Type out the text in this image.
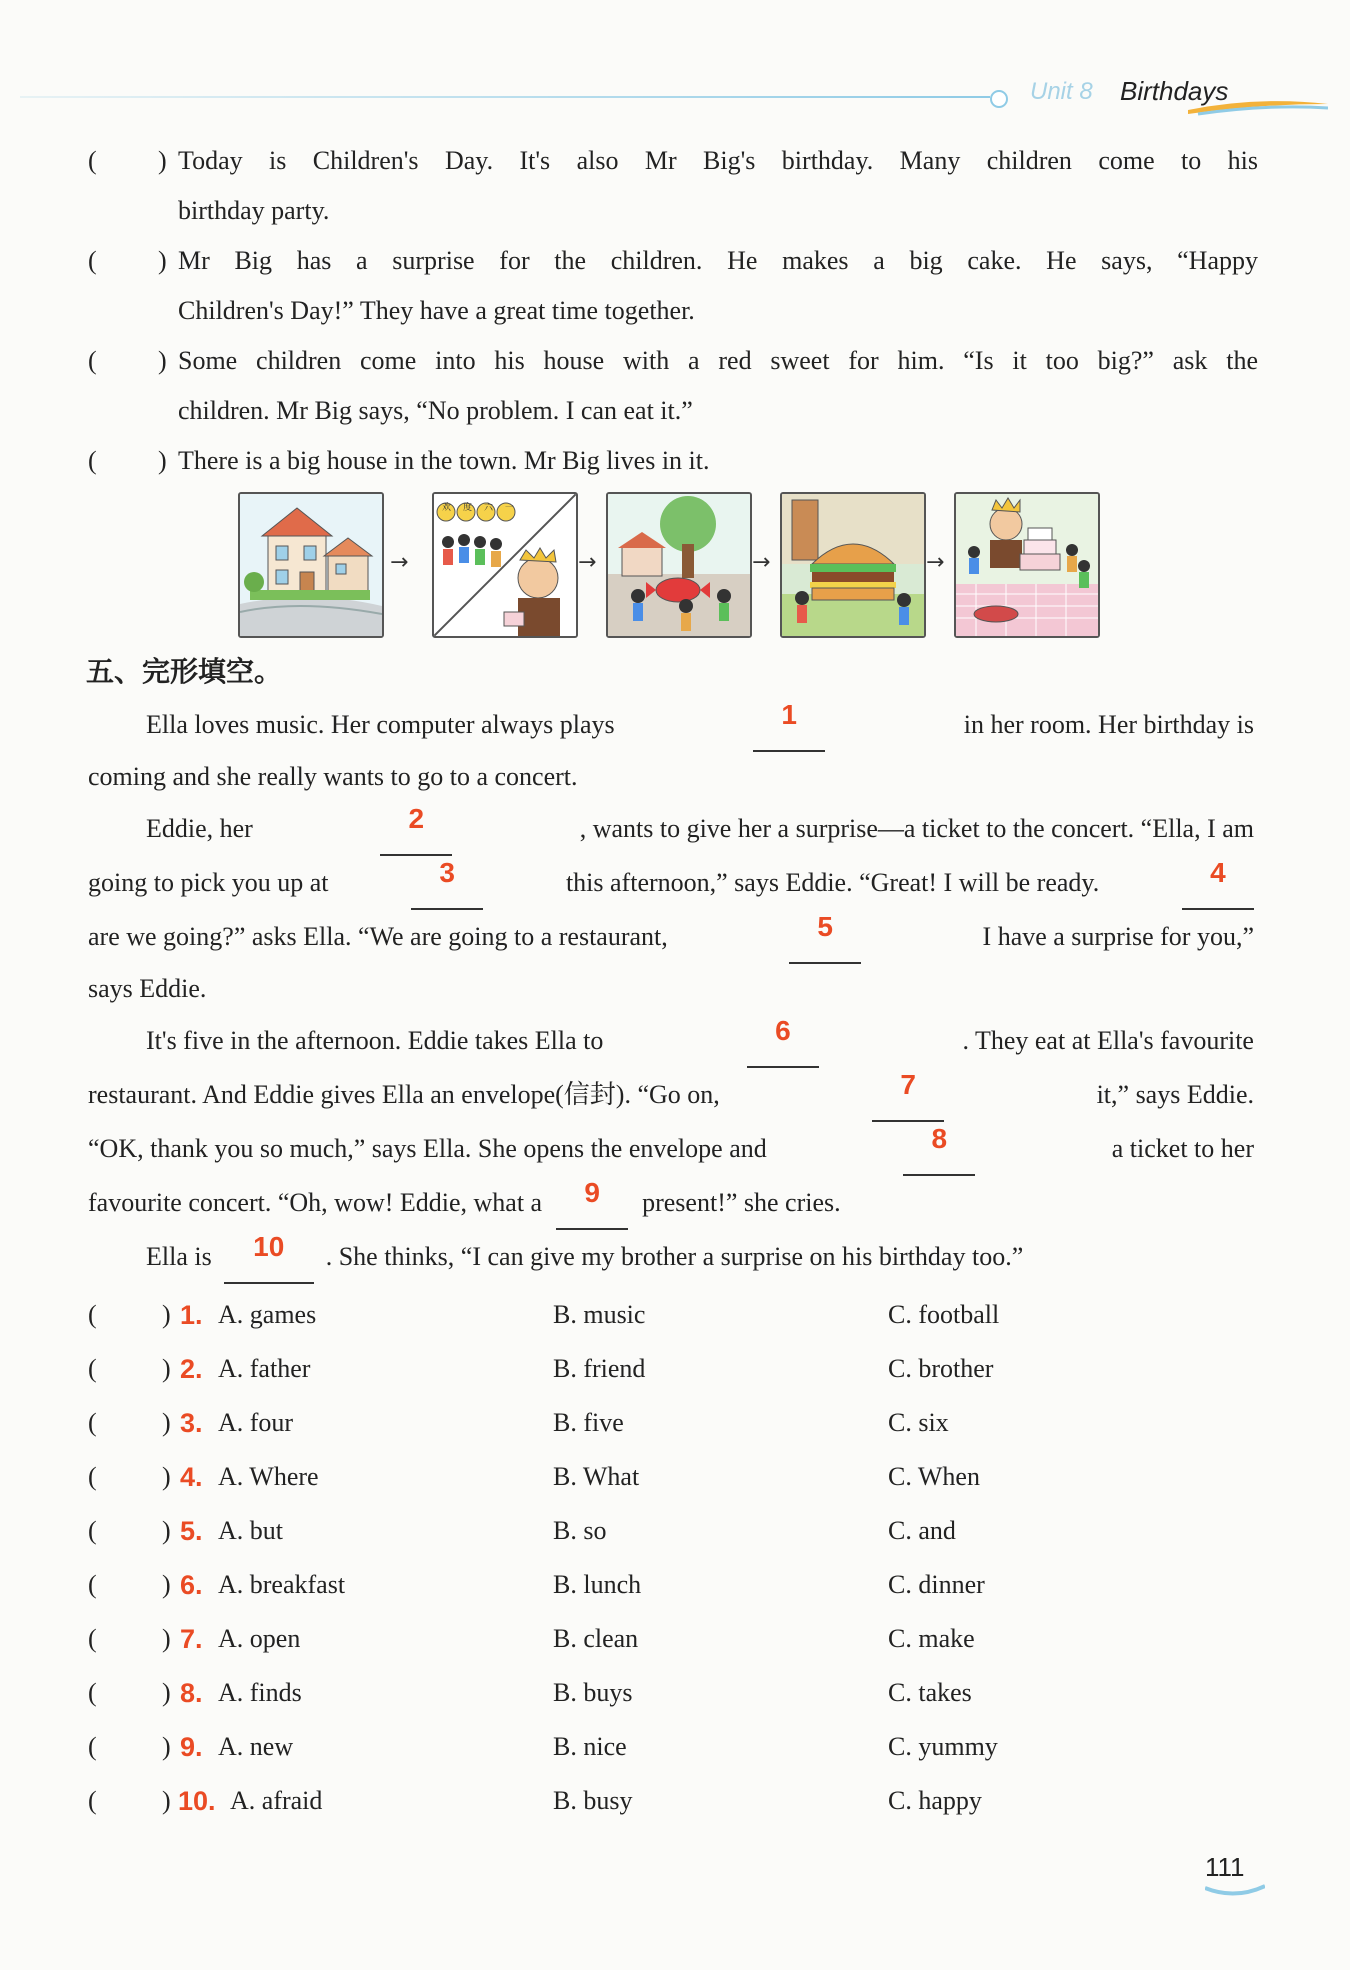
Unit 8 Birthdays
( ) Today is Children's Day. It's also Mr Big's birthday. Many children come to his
birthday party.
( ) Mr Big has a surprise for the children. He makes a big cake. He says, “Happy
Children's Day!” They have a great time together.
( ) Some children come into his house with a red sweet for him. “Is it too big?” ask the
children. Mr Big says, “No problem. I can eat it.”
( ) There is a big house in the town. Mr Big lives in it.
→
欢 度 六 一
→	→	→
五、完形填空。
Ella loves music. Her computer always plays	1	in her room. Her birthday is
coming and she really wants to go to a concert.
Eddie, her	2	, wants to give her a surprise—a ticket to the concert. “Ella, I am
going to pick you up at	3	this afternoon,” says Eddie. “Great! I will be ready.	4
are we going?” asks Ella. “We are going to a restaurant,	5	I have a surprise for you,”
says Eddie.
It's five in the afternoon. Eddie takes Ella to	6	. They eat at Ella's favourite
restaurant. And Eddie gives Ella an envelope(信封). “Go on,	7	it,” says Eddie.
“OK, thank you so much,” says Ella. She opens the envelope and	8	a ticket to her
favourite concert. “Oh, wow! Eddie, what a	9	present!” she cries.
Ella is	10	. She thinks, “I can give my brother a surprise on his birthday too.”
(	) 1. A. games	B. music	C. football
(	) 2. A. father	B. friend	C. brother
(	) 3. A. four	B. five	C. six
(	) 4. A. Where	B. What	C. When
(	) 5. A. but	B. so	C. and
(	) 6. A. breakfast	B. lunch	C. dinner
(	) 7. A. open	B. clean	C. make
(	) 8. A. finds	B. buys	C. takes
(	) 9. A. new	B. nice	C. yummy
(	) 10. A. afraid	B. busy	C. happy
111
